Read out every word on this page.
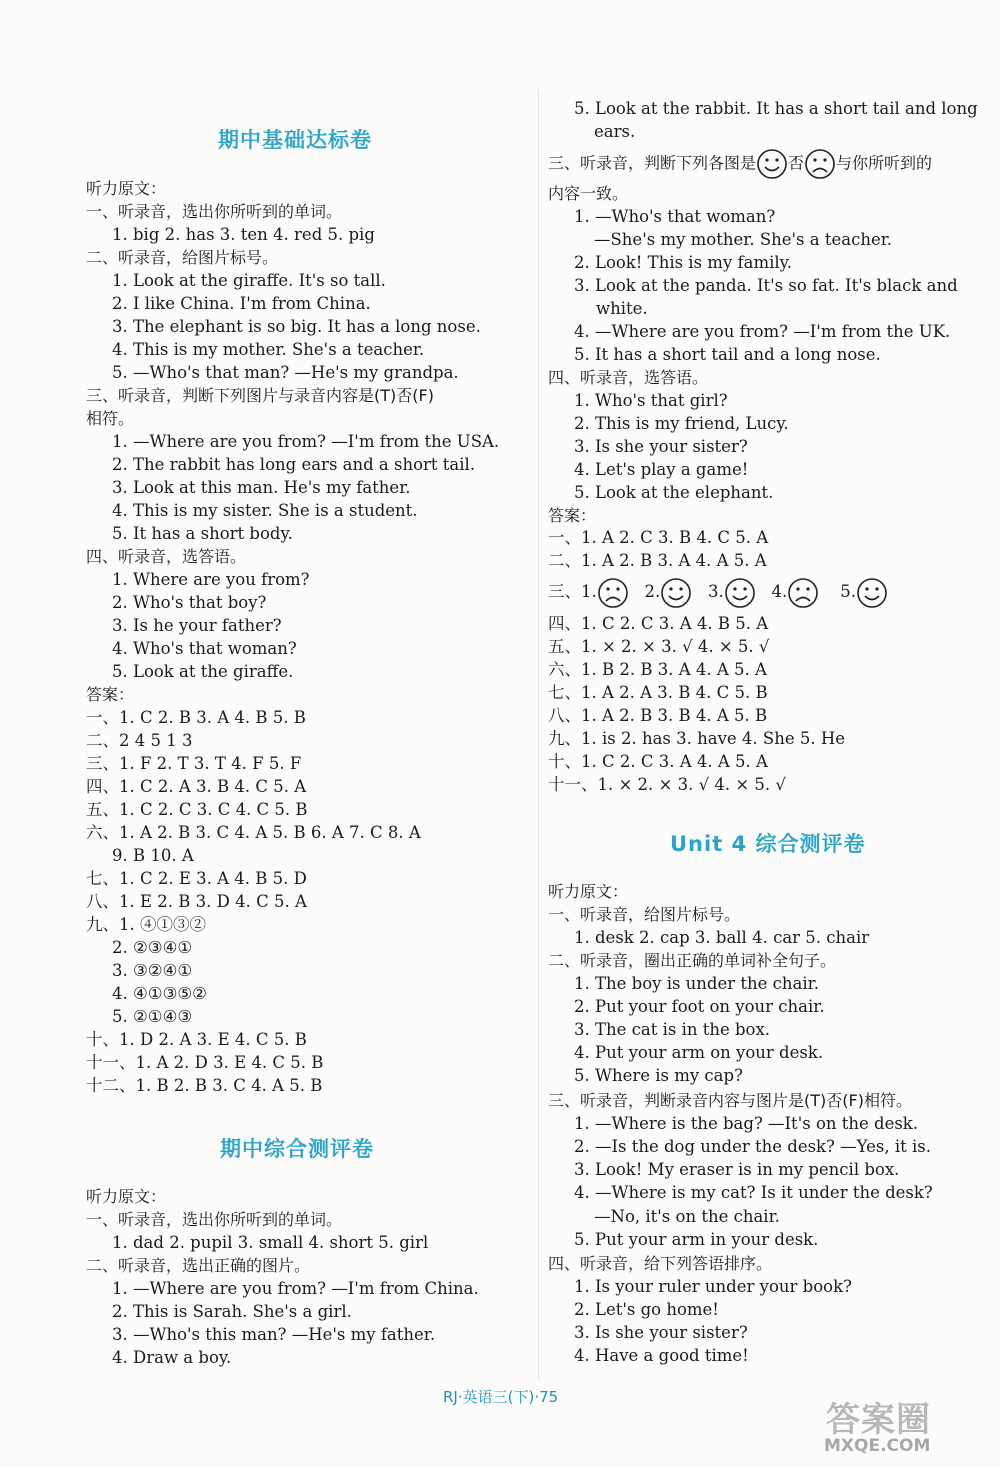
期中基础达标卷
听力原文：
一、听录音，选出你所听到的单词。
1. big 2. has 3. ten 4. red 5. pig
二、听录音，给图片标号。
1. Look at the giraffe. It's so tall.
2. I like China. I'm from China.
3. The elephant is so big. It has a long nose.
4. This is my mother. She's a teacher.
5. —Who's that man? —He's my grandpa.
三、听录音，判断下列图片与录音内容是(T)否(F)
相符。
1. —Where are you from? —I'm from the USA.
2. The rabbit has long ears and a short tail.
3. Look at this man. He's my father.
4. This is my sister. She is a student.
5. It has a short body.
四、听录音，选答语。
1. Where are you from?
2. Who's that boy?
3. Is he your father?
4. Who's that woman?
5. Look at the giraffe.
答案：
一、1. C 2. B 3. A 4. B 5. B
二、2 4 5 1 3
三、1. F 2. T 3. T 4. F 5. F
四、1. C 2. A 3. B 4. C 5. A
五、1. C 2. C 3. C 4. C 5. B
六、1. A 2. B 3. C 4. A 5. B 6. A 7. C 8. A
9. B 10. A
七、1. C 2. E 3. A 4. B 5. D
八、1. E 2. B 3. D 4. C 5. A
九、1. ④①③②
2. ②③④①
3. ③②④①
4. ④①③⑤②
5. ②①④③
十、1. D 2. A 3. E 4. C 5. B
十一、1. A 2. D 3. E 4. C 5. B
十二、1. B 2. B 3. C 4. A 5. B
期中综合测评卷
听力原文：
一、听录音，选出你所听到的单词。
1. dad 2. pupil 3. small 4. short 5. girl
二、听录音，选出正确的图片。
1. —Where are you from? —I'm from China.
2. This is Sarah. She's a girl.
3. —Who's this man? —He's my father.
4. Draw a boy.
5. Look at the rabbit. It has a short tail and long
ears.
三、听录音，判断下列各图是 否 与你所听到的
内容一致。
1. —Who's that woman?
—She's my mother. She's a teacher.
2. Look! This is my family.
3. Look at the panda. It's so fat. It's black and
white.
4. —Where are you from? —I'm from the UK.
5. It has a short tail and a long nose.
四、听录音，选答语。
1. Who's that girl?
2. This is my friend, Lucy.
3. Is she your sister?
4. Let's play a game!
5. Look at the elephant.
答案：
一、1. A 2. C 3. B 4. C 5. A
二、1. A 2. B 3. A 4. A 5. A
三、1.	2.	3.	4.	5.
四、1. C 2. C 3. A 4. B 5. A
五、1. × 2. × 3. √ 4. × 5. √
六、1. B 2. B 3. A 4. A 5. A
七、1. A 2. A 3. B 4. C 5. B
八、1. A 2. B 3. B 4. A 5. B
九、1. is 2. has 3. have 4. She 5. He
十、1. C 2. C 3. A 4. A 5. A
十一、1. × 2. × 3. √ 4. × 5. √
Unit 4 综合测评卷
听力原文：
一、听录音，给图片标号。
1. desk 2. cap 3. ball 4. car 5. chair
二、听录音，圈出正确的单词补全句子。
1. The boy is under the chair.
2. Put your foot on your chair.
3. The cat is in the box.
4. Put your arm on your desk.
5. Where is my cap?
三、听录音，判断录音内容与图片是(T)否(F)相符。
1. —Where is the bag? —It's on the desk.
2. —Is the dog under the desk? —Yes, it is.
3. Look! My eraser is in my pencil box.
4. —Where is my cat? Is it under the desk?
—No, it's on the chair.
5. Put your arm in your desk.
四、听录音，给下列答语排序。
1. Is your ruler under your book?
2. Let's go home!
3. Is she your sister?
4. Have a good time!
RJ·英语三(下)·75
答案圈
MXQE.COM
